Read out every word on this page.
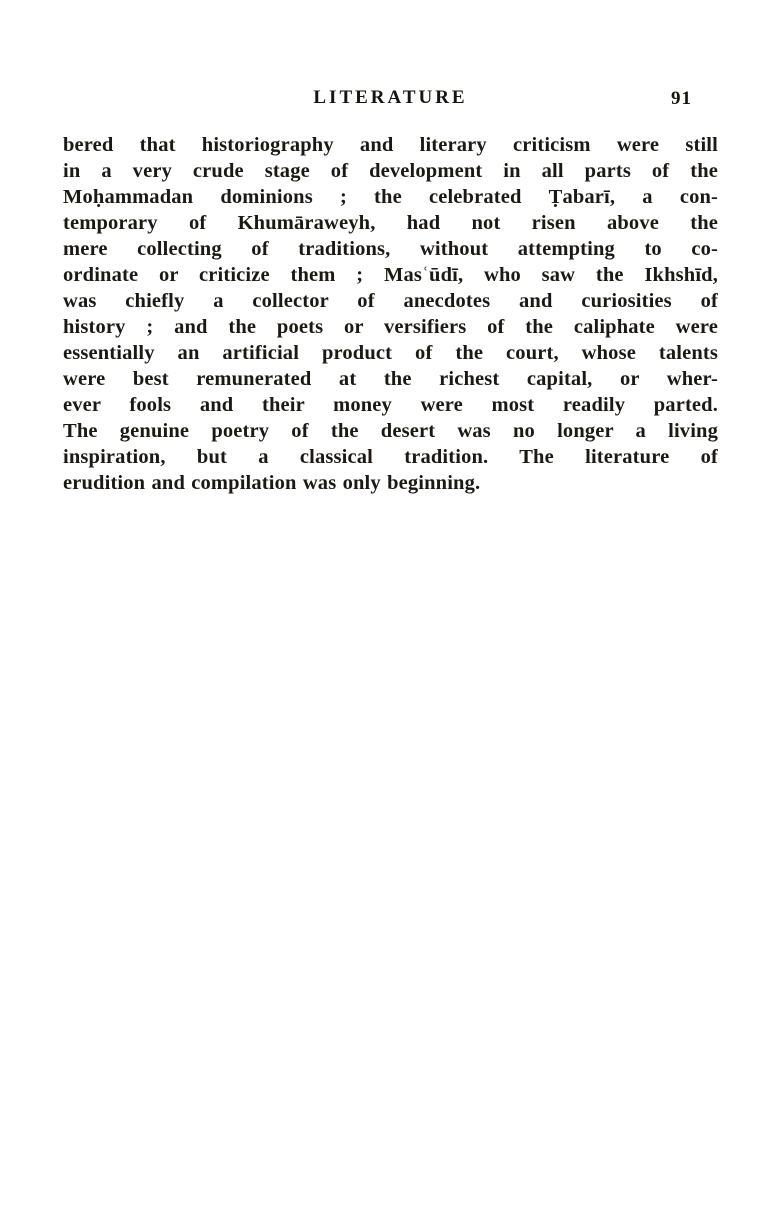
LITERATURE	91
bered that historiography and literary criticism were still
in a very crude stage of development in all parts of the
Moḥammadan dominions ; the celebrated Ṭabarī, a con-
temporary of Khumāraweyh, had not risen above the
mere collecting of traditions, without attempting to co-
ordinate or criticize them ; Masʿūdī, who saw the Ikhshīd,
was chiefly a collector of anecdotes and curiosities of
history ; and the poets or versifiers of the caliphate were
essentially an artificial product of the court, whose talents
were best remunerated at the richest capital, or wher-
ever fools and their money were most readily parted.
The genuine poetry of the desert was no longer a living
inspiration, but a classical tradition. The literature of
erudition and compilation was only beginning.
